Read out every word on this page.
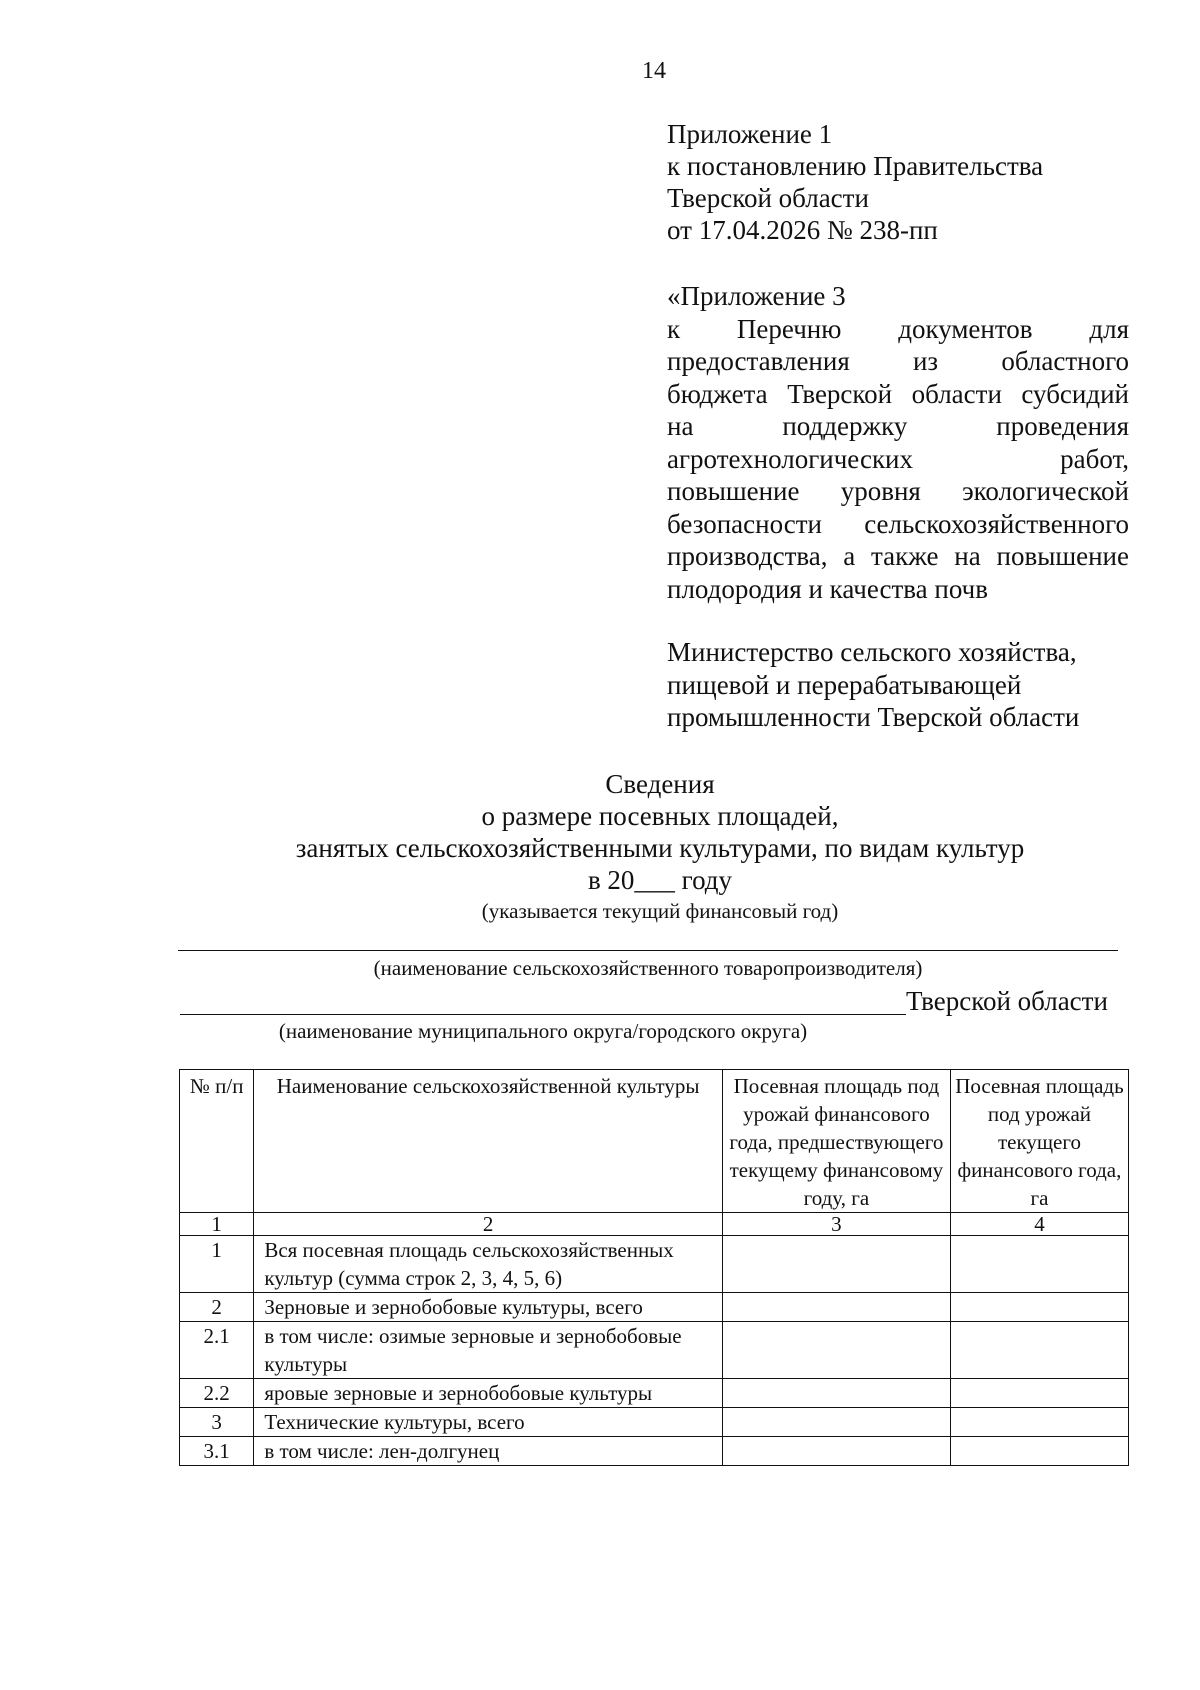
14
Приложение 1
к постановлению Правительства
Тверской области
от 17.04.2026 № 238-пп
«Приложение 3
к Перечню документов для
предоставления из областного
бюджета Тверской области субсидий
на поддержку проведения
агротехнологических работ,
повышение уровня экологической
безопасности сельскохозяйственного
производства, а также на повышение
плодородия и качества почв
Министерство сельского хозяйства,
пищевой и перерабатывающей
промышленности Тверской области
Сведения
о размере посевных площадей,
занятых сельскохозяйственными культурами, по видам культур
в 20___ году
(указывается текущий финансовый год)
(наименование сельскохозяйственного товаропроизводителя)
Тверской области
(наименование муниципального округа/городского округа)
№ п/п	Наименование сельскохозяйственной культуры	Посевная площадь под урожай финансового года, предшествующего текущему финансовому году, га	Посевная площадь под урожай текущего финансового года, га
1	2	3	4
1	Вся посевная площадь сельскохозяйственных культур (сумма строк 2, 3, 4, 5, 6)		
2	Зерновые и зернобобовые культуры, всего		
2.1	в том числе: озимые зерновые и зернобобовые культуры		
2.2	яровые зерновые и зернобобовые культуры		
3	Технические культуры, всего		
3.1	в том числе: лен-долгунец		
